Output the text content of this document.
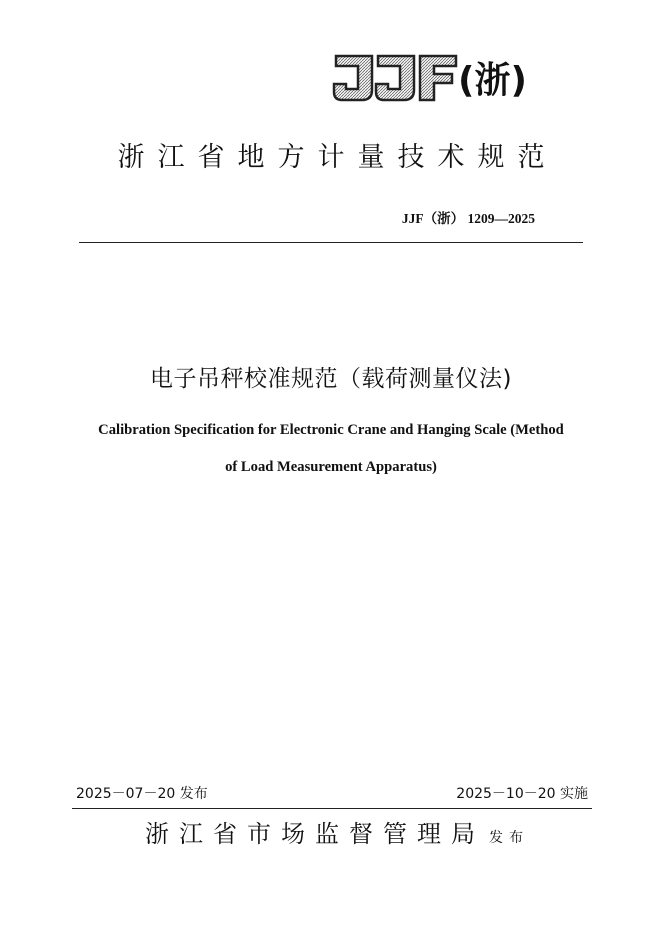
(浙)
浙江省地方计量技术规范
JJF（浙） 1209—2025
电子吊秤校准规范（载荷测量仪法)
Calibration Specification for Electronic Crane and Hanging Scale (Method
of Load Measurement Apparatus)
2025－07－20 发布	2025－10－20 实施
浙江省市场监督管理局 发布
